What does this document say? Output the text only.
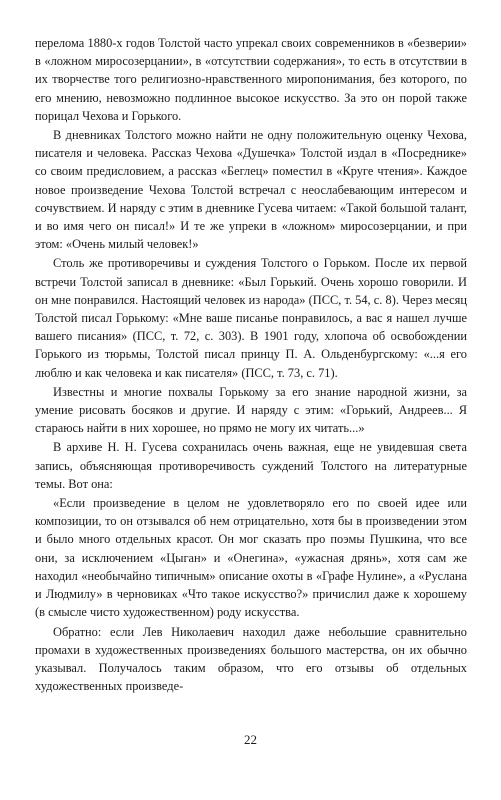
перелома 1880-х годов Толстой часто упрекал своих современников в «безверии» в «ложном миросозерцании», в «отсутствии содержания», то есть в отсутствии в их творчестве того религиозно-нравственного миропонимания, без которого, по его мнению, невозможно подлинное высокое искусство. За это он порой также порицал Чехова и Горького.

В дневниках Толстого можно найти не одну положительную оценку Чехова, писателя и человека. Рассказ Чехова «Душечка» Толстой издал в «Посреднике» со своим предисловием, а рассказ «Беглец» поместил в «Круге чтения». Каждое новое произведение Чехова Толстой встречал с неослабевающим интересом и сочувствием. И наряду с этим в дневнике Гусева читаем: «Такой большой талант, и во имя чего он писал!» И те же упреки в «ложном» миросозерцании, и при этом: «Очень милый человек!»

Столь же противоречивы и суждения Толстого о Горьком. После их первой встречи Толстой записал в дневнике: «Был Горький. Очень хорошо говорили. И он мне понравился. Настоящий человек из народа» (ПСС, т. 54, с. 8). Через месяц Толстой писал Горькому: «Мне ваше писанье понравилось, а вас я нашел лучше вашего писания» (ПСС, т. 72, с. 303). В 1901 году, хлопоча об освобождении Горького из тюрьмы, Толстой писал принцу П. А. Ольденбургскому: «...я его люблю и как человека и как писателя» (ПСС, т. 73, с. 71).

Известны и многие похвалы Горькому за его знание народной жизни, за умение рисовать босяков и другие. И наряду с этим: «Горький, Андреев... Я стараюсь найти в них хорошее, но прямо не могу их читать...»

В архиве Н. Н. Гусева сохранилась очень важная, еще не увидевшая света запись, объясняющая противоречивость суждений Толстого на литературные темы. Вот она:

«Если произведение в целом не удовлетворяло его по своей идее или композиции, то он отзывался об нем отрицательно, хотя бы в произведении этом и было много отдельных красот. Он мог сказать про поэмы Пушкина, что все они, за исключением «Цыган» и «Онегина», «ужасная дрянь», хотя сам же находил «необычайно типичным» описание охоты в «Графе Нулине», а «Руслана и Людмилу» в черновиках «Что такое искусство?» причислил даже к хорошему (в смысле чисто художественном) роду искусства.

Обратно: если Лев Николаевич находил даже небольшие сравнительно промахи в художественных произведениях большого мастерства, он их обычно указывал. Получалось таким образом, что его отзывы об отдельных художественных произведе-

22
